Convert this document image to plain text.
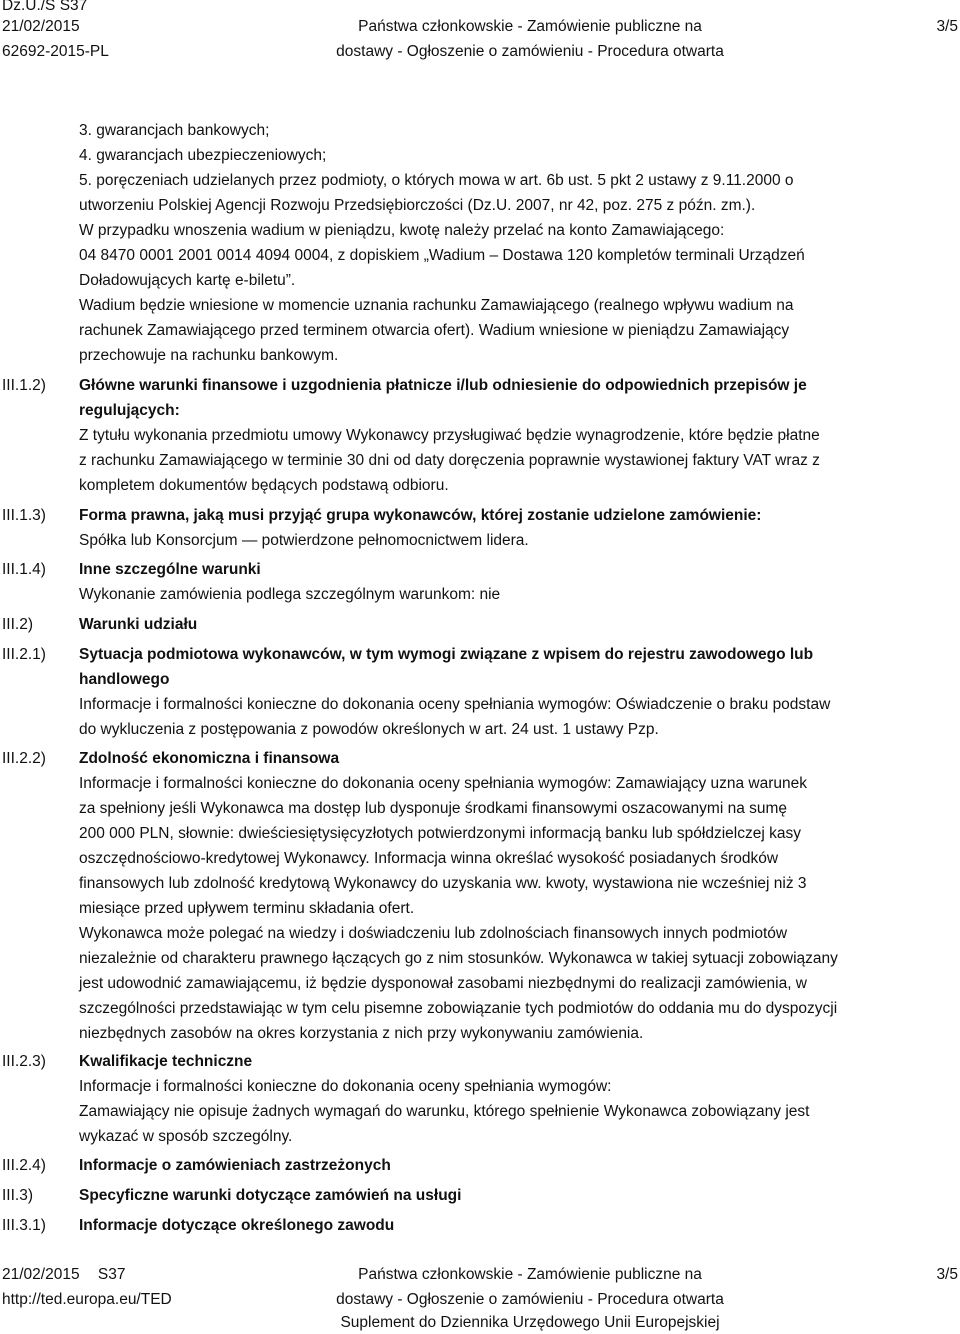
Dz.U./S S37
21/02/2015
62692-2015-PL
Państwa członkowskie - Zamówienie publiczne na
dostawy - Ogłoszenie o zamówieniu - Procedura otwarta
3/5
3. gwarancjach bankowych;
4. gwarancjach ubezpieczeniowych;
5. poręczeniach udzielanych przez podmioty, o których mowa w art. 6b ust. 5 pkt 2 ustawy z 9.11.2000 o
utworzeniu Polskiej Agencji Rozwoju Przedsiębiorczości (Dz.U. 2007, nr 42, poz. 275 z późn. zm.).
W przypadku wnoszenia wadium w pieniądzu, kwotę należy przelać na konto Zamawiającego:
04 8470 0001 2001 0014 4094 0004, z dopiskiem „Wadium – Dostawa 120 kompletów terminali Urządzeń
Doładowujących kartę e-biletu”.
Wadium będzie wniesione w momencie uznania rachunku Zamawiającego (realnego wpływu wadium na
rachunek Zamawiającego przed terminem otwarcia ofert). Wadium wniesione w pieniądzu Zamawiający
przechowuje na rachunku bankowym.
Główne warunki finansowe i uzgodnienia płatnicze i/lub odniesienie do odpowiednich przepisów je
regulujących:
Z tytułu wykonania przedmiotu umowy Wykonawcy przysługiwać będzie wynagrodzenie, które będzie płatne
z rachunku Zamawiającego w terminie 30 dni od daty doręczenia poprawnie wystawionej faktury VAT wraz z
kompletem dokumentów będących podstawą odbioru.
Forma prawna, jaką musi przyjąć grupa wykonawców, której zostanie udzielone zamówienie:
Spółka lub Konsorcjum — potwierdzone pełnomocnictwem lidera.
Inne szczególne warunki
Wykonanie zamówienia podlega szczególnym warunkom: nie
Warunki udziału
Sytuacja podmiotowa wykonawców, w tym wymogi związane z wpisem do rejestru zawodowego lub
handlowego
Informacje i formalności konieczne do dokonania oceny spełniania wymogów: Oświadczenie o braku podstaw
do wykluczenia z postępowania z powodów określonych w art. 24 ust. 1 ustawy Pzp.
Zdolność ekonomiczna i finansowa
Informacje i formalności konieczne do dokonania oceny spełniania wymogów: Zamawiający uzna warunek
za spełniony jeśli Wykonawca ma dostęp lub dysponuje środkami finansowymi oszacowanymi na sumę
200 000 PLN, słownie: dwieściesiętysięcyzłotych potwierdzonymi informacją banku lub spółdzielczej kasy
oszczędnościowo-kredytowej Wykonawcy. Informacja winna określać wysokość posiadanych środków
finansowych lub zdolność kredytową Wykonawcy do uzyskania ww. kwoty, wystawiona nie wcześniej niż 3
miesiące przed upływem terminu składania ofert.
Wykonawca może polegać na wiedzy i doświadczeniu lub zdolnościach finansowych innych podmiotów
niezależnie od charakteru prawnego łączących go z nim stosunków. Wykonawca w takiej sytuacji zobowiązany
jest udowodnić zamawiającemu, iż będzie dysponował zasobami niezbędnymi do realizacji zamówienia, w
szczególności przedstawiając w tym celu pisemne zobowiązanie tych podmiotów do oddania mu do dyspozycji
niezbędnych zasobów na okres korzystania z nich przy wykonywaniu zamówienia.
Kwalifikacje techniczne
Informacje i formalności konieczne do dokonania oceny spełniania wymogów:
Zamawiający nie opisuje żadnych wymagań do warunku, którego spełnienie Wykonawca zobowiązany jest
wykazać w sposób szczególny.
Informacje o zamówieniach zastrzeżonych
Specyficzne warunki dotyczące zamówień na usługi
Informacje dotyczące określonego zawodu
III.1.2)
III.1.3)
III.1.4)
III.2)
III.2.1)
III.2.2)
III.2.3)
III.2.4)
III.3)
III.3.1)
21/02/2015 S37
http://ted.europa.eu/TED
Państwa członkowskie - Zamówienie publiczne na
dostawy - Ogłoszenie o zamówieniu - Procedura otwarta
Suplement do Dziennika Urzędowego Unii Europejskiej
3/5
